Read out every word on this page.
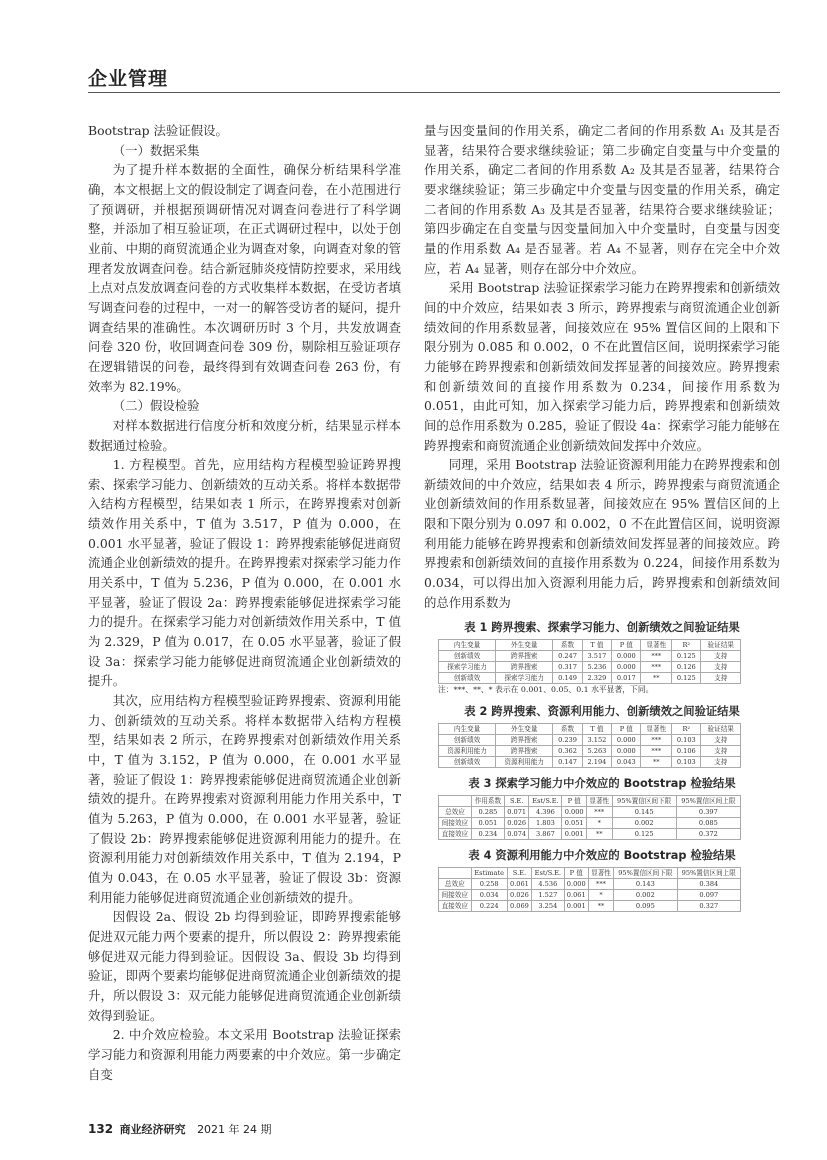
企业管理

Bootstrap 法验证假设。

（一）数据采集

为了提升样本数据的全面性，确保分析结果科学准确，本文根据上文的假设制定了调查问卷，在小范围进行了预调研，并根据预调研情况对调查问卷进行了科学调整，并添加了相互验证项，在正式调研过程中，以处于创业前、中期的商贸流通企业为调查对象，向调查对象的管理者发放调查问卷。结合新冠肺炎疫情防控要求，采用线上点对点发放调查问卷的方式收集样本数据，在受访者填写调查问卷的过程中，一对一的解答受访者的疑问，提升调查结果的准确性。本次调研历时 3 个月，共发放调查问卷 320 份，收回调查问卷 309 份，剔除相互验证项存在逻辑错误的问卷，最终得到有效调查问卷 263 份，有效率为 82.19%。

（二）假设检验

对样本数据进行信度分析和效度分析，结果显示样本数据通过检验。

1. 方程模型。首先，应用结构方程模型验证跨界搜索、探索学习能力、创新绩效的互动关系。将样本数据带入结构方程模型，结果如表 1 所示，在跨界搜索对创新绩效作用关系中，T 值为 3.517，P 值为 0.000，在 0.001 水平显著，验证了假设 1：跨界搜索能够促进商贸流通企业创新绩效的提升。在跨界搜索对探索学习能力作用关系中，T 值为 5.236，P 值为 0.000，在 0.001 水平显著，验证了假设 2a：跨界搜索能够促进探索学习能力的提升。在探索学习能力对创新绩效作用关系中，T 值为 2.329，P 值为 0.017，在 0.05 水平显著，验证了假设 3a：探索学习能力能够促进商贸流通企业创新绩效的提升。

其次，应用结构方程模型验证跨界搜索、资源利用能力、创新绩效的互动关系。将样本数据带入结构方程模型，结果如表 2 所示，在跨界搜索对创新绩效作用关系中，T 值为 3.152，P 值为 0.000，在 0.001 水平显著，验证了假设 1：跨界搜索能够促进商贸流通企业创新绩效的提升。在跨界搜索对资源利用能力作用关系中，T 值为 5.263，P 值为 0.000，在 0.001 水平显著，验证了假设 2b：跨界搜索能够促进资源利用能力的提升。在资源利用能力对创新绩效作用关系中，T 值为 2.194，P 值为 0.043，在 0.05 水平显著，验证了假设 3b：资源利用能力能够促进商贸流通企业创新绩效的提升。

因假设 2a、假设 2b 均得到验证，即跨界搜索能够促进双元能力两个要素的提升，所以假设 2：跨界搜索能够促进双元能力得到验证。因假设 3a、假设 3b 均得到验证，即两个要素均能够促进商贸流通企业创新绩效的提升，所以假设 3：双元能力能够促进商贸流通企业创新绩效得到验证。

2. 中介效应检验。本文采用 Bootstrap 法验证探索学习能力和资源利用能力两要素的中介效应。第一步确定自变

量与因变量间的作用关系，确定二者间的作用系数 A₁ 及其是否显著，结果符合要求继续验证；第二步确定自变量与中介变量的作用关系，确定二者间的作用系数 A₂ 及其是否显著，结果符合要求继续验证；第三步确定中介变量与因变量的作用关系，确定二者间的作用系数 A₃ 及其是否显著，结果符合要求继续验证；第四步确定在自变量与因变量间加入中介变量时，自变量与因变量的作用系数 A₄ 是否显著。若 A₄ 不显著，则存在完全中介效应，若 A₄ 显著，则存在部分中介效应。

采用 Bootstrap 法验证探索学习能力在跨界搜索和创新绩效间的中介效应，结果如表 3 所示，跨界搜索与商贸流通企业创新绩效间的作用系数显著，间接效应在 95% 置信区间的上限和下限分别为 0.085 和 0.002，0 不在此置信区间，说明探索学习能力能够在跨界搜索和创新绩效间发挥显著的间接效应。跨界搜索和创新绩效间的直接作用系数为 0.234，间接作用系数为 0.051，由此可知，加入探索学习能力后，跨界搜索和创新绩效间的总作用系数为 0.285，验证了假设 4a：探索学习能力能够在跨界搜索和商贸流通企业创新绩效间发挥中介效应。

同理，采用 Bootstrap 法验证资源利用能力在跨界搜索和创新绩效间的中介效应，结果如表 4 所示，跨界搜索与商贸流通企业创新绩效间的作用系数显著，间接效应在 95% 置信区间的上限和下限分别为 0.097 和 0.002，0 不在此置信区间，说明资源利用能力能够在跨界搜索和创新绩效间发挥显著的间接效应。跨界搜索和创新绩效间的直接作用系数为 0.224，间接作用系数为 0.034，可以得出加入资源利用能力后，跨界搜索和创新绩效间的总作用系数为

表 1 跨界搜索、探索学习能力、创新绩效之间验证结果
内生变量	外生变量	系数	T 值	P 值	显著性	R²	验证结果
创新绩效	跨界搜索	0.247	3.517	0.000	***	0.125	支持
探索学习能力	跨界搜索	0.317	5.236	0.000	***	0.126	支持
创新绩效	探索学习能力	0.149	2.329	0.017	**	0.125	支持
注：***、**、* 表示在 0.001、0.05、0.1 水平显著，下同。
表 2 跨界搜索、资源利用能力、创新绩效之间验证结果
内生变量	外生变量	系数	T 值	P 值	显著性	R²	验证结果
创新绩效	跨界搜索	0.239	3.152	0.000	***	0.103	支持
资源利用能力	跨界搜索	0.362	5.263	0.000	***	0.106	支持
创新绩效	资源利用能力	0.147	2.194	0.043	**	0.103	支持
表 3 探索学习能力中介效应的 Bootstrap 检验结果
	作用系数	S.E.	Est/S.E.	P 值	显著性	95%置信区间下限	95%置信区间上限
总效应	0.285	0.071	4.396	0.000	***	0.145	0.397
间接效应	0.051	0.026	1.803	0.051	*	0.002	0.085
直接效应	0.234	0.074	3.867	0.001	**	0.125	0.372
表 4 资源利用能力中介效应的 Bootstrap 检验结果
	Estimate	S.E.	Est/S.E.	P 值	显著性	95%置信区间下限	95%置信区间上限
总效应	0.258	0.061	4.536	0.000	***	0.143	0.384
间接效应	0.034	0.026	1.527	0.061	*	0.002	0.097
直接效应	0.224	0.069	3.254	0.001	**	0.095	0.327
132 商业经济研究 2021 年 24 期
